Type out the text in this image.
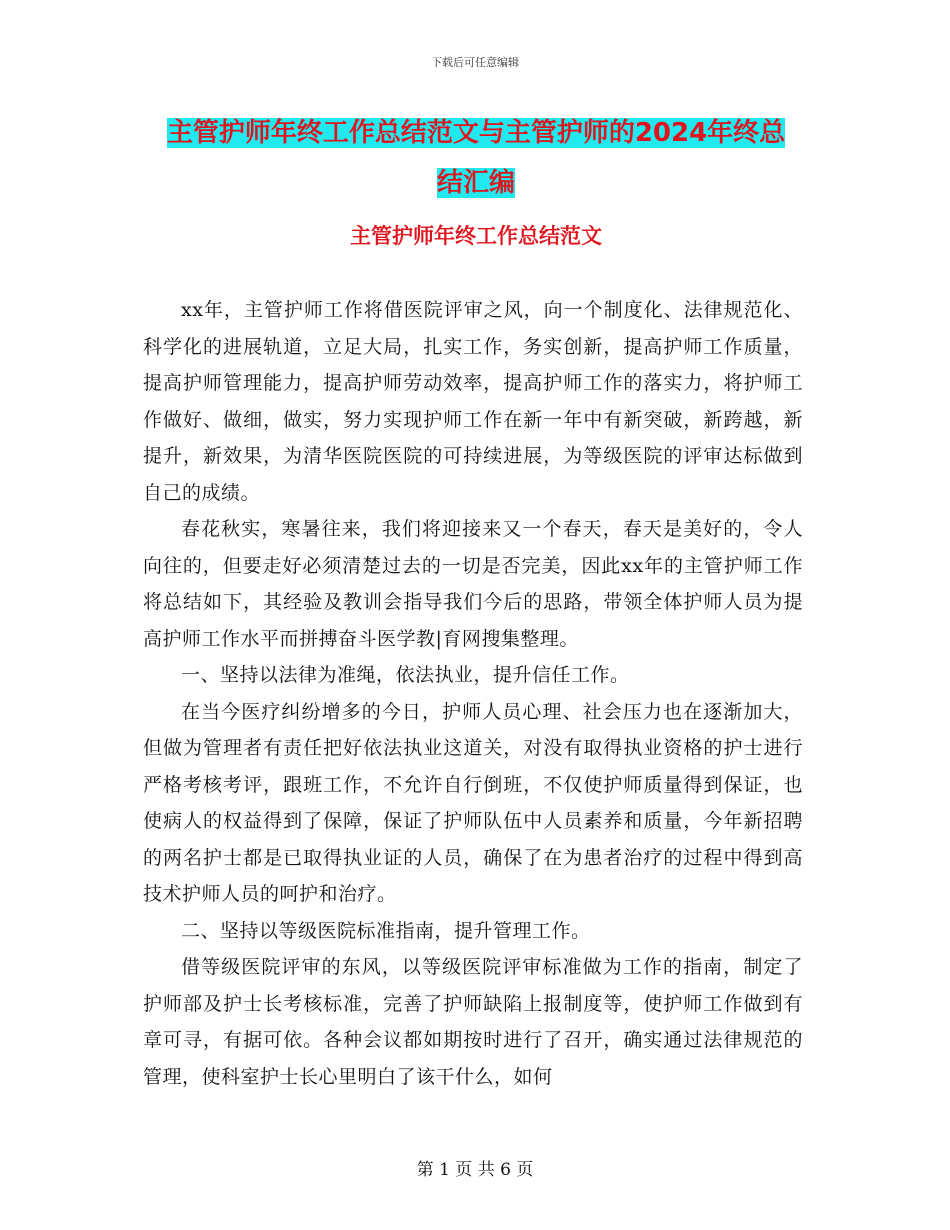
下载后可任意编辑
主管护师年终工作总结范文与主管护师的2024年终总
结汇编
主管护师年终工作总结范文

xx年，主管护师工作将借医院评审之风，向一个制度化、法律规范化、科学化的进展轨道，立足大局，扎实工作，务实创新，提高护师工作质量，提高护师管理能力，提高护师劳动效率，提高护师工作的落实力，将护师工作做好、做细，做实，努力实现护师工作在新一年中有新突破，新跨越，新提升，新效果，为清华医院医院的可持续进展，为等级医院的评审达标做到自己的成绩。

春花秋实，寒暑往来，我们将迎接来又一个春天，春天是美好的，令人向往的，但要走好必须清楚过去的一切是否完美，因此xx年的主管护师工作将总结如下，其经验及教训会指导我们今后的思路，带领全体护师人员为提高护师工作水平而拼搏奋斗医学教|育网搜集整理。

一、坚持以法律为准绳，依法执业，提升信任工作。

在当今医疗纠纷增多的今日，护师人员心理、社会压力也在逐渐加大，但做为管理者有责任把好依法执业这道关，对没有取得执业资格的护士进行严格考核考评，跟班工作，不允许自行倒班，不仅使护师质量得到保证，也使病人的权益得到了保障，保证了护师队伍中人员素养和质量，今年新招聘的两名护士都是已取得执业证的人员，确保了在为患者治疗的过程中得到高技术护师人员的呵护和治疗。

二、坚持以等级医院标准指南，提升管理工作。

借等级医院评审的东风，以等级医院评审标准做为工作的指南，制定了护师部及护士长考核标准，完善了护师缺陷上报制度等，使护师工作做到有章可寻，有据可依。各种会议都如期按时进行了召开，确实通过法律规范的管理，使科室护士长心里明白了该干什么，如何

第 1 页 共 6 页
